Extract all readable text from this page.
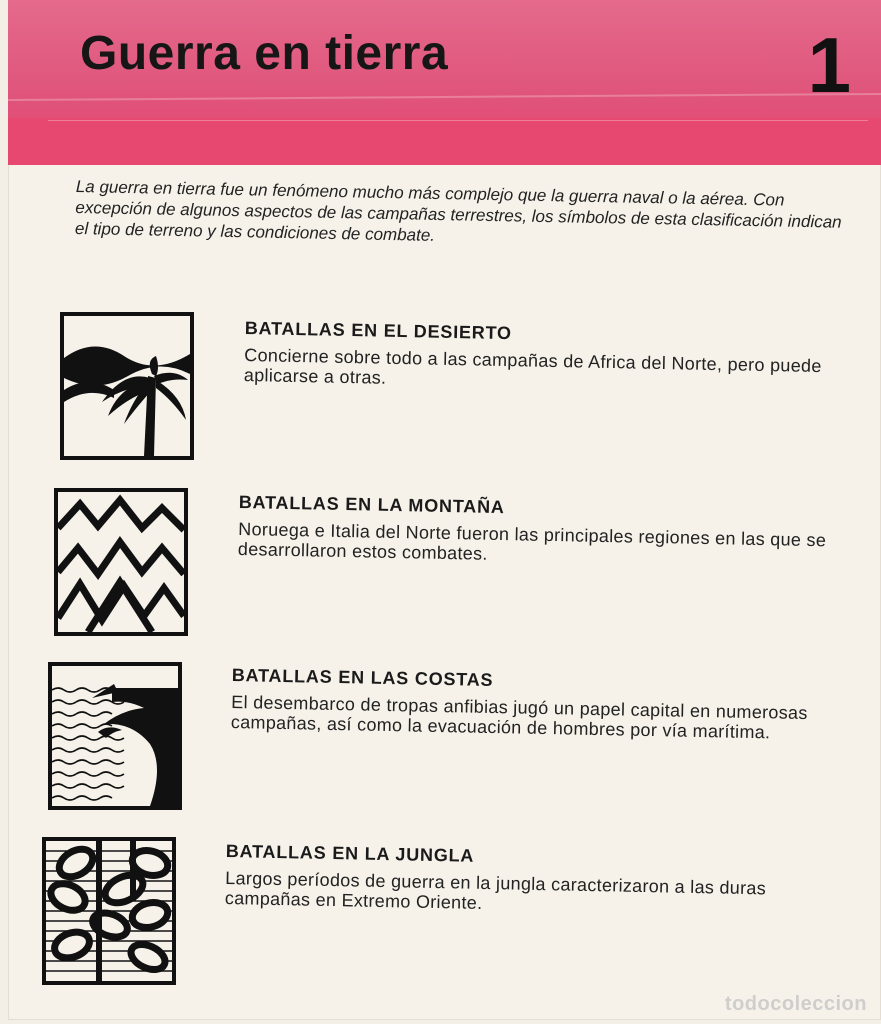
Guerra en tierra	1
La guerra en tierra fue un fenómeno mucho más complejo que la guerra naval o la aérea. Con excepción de algunos aspectos de las campañas terrestres, los símbolos de esta clasificación indican el tipo de terreno y las condiciones de combate.
BATALLAS EN EL DESIERTO
Concierne sobre todo a las campañas de Africa del Norte, pero puede aplicarse a otras.
BATALLAS EN LA MONTAÑA
Noruega e Italia del Norte fueron las principales regiones en las que se desarrollaron estos combates.
BATALLAS EN LAS COSTAS
El desembarco de tropas anfibias jugó un papel capital en numerosas campañas, así como la evacuación de hombres por vía marítima.
BATALLAS EN LA JUNGLA
Largos períodos de guerra en la jungla caracterizaron a las duras campañas en Extremo Oriente.
todocoleccion
